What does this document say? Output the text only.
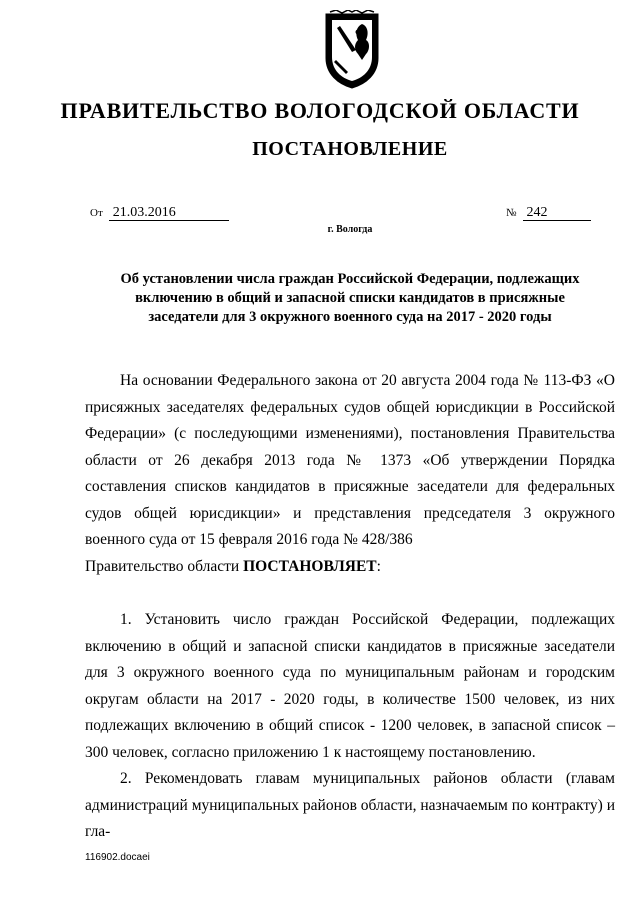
ПРАВИТЕЛЬСТВО ВОЛОГОДСКОЙ ОБЛАСТИ
ПОСТАНОВЛЕНИЕ
От 21.03.2016	№ 242
г. Вологда
Об установлении числа граждан Российской Федерации, подлежащих
включению в общий и запасной списки кандидатов в присяжные
заседатели для 3 окружного военного суда на 2017 - 2020 годы

На основании Федерального закона от 20 августа 2004 года № 113-ФЗ «О присяжных заседателях федеральных судов общей юрисдикции в Российской Федерации» (с последующими изменениями), постановления Правительства области от 26 декабря 2013 года № 1373 «Об утверждении Порядка составления списков кандидатов в присяжные заседатели для федеральных судов общей юрисдикции» и представления председателя 3 окружного военного суда от 15 февраля 2016 года № 428/386

Правительство области ПОСТАНОВЛЯЕТ:

1. Установить число граждан Российской Федерации, подлежащих включению в общий и запасной списки кандидатов в присяжные заседатели для 3 окружного военного суда по муниципальным районам и городским округам области на 2017 - 2020 годы, в количестве 1500 человек, из них подлежащих включению в общий список - 1200 человек, в запасной список – 300 человек, согласно приложению 1 к настоящему постановлению.

2. Рекомендовать главам муниципальных районов области (главам администраций муниципальных районов области, назначаемым по контракту) и гла-

116902.docaei
